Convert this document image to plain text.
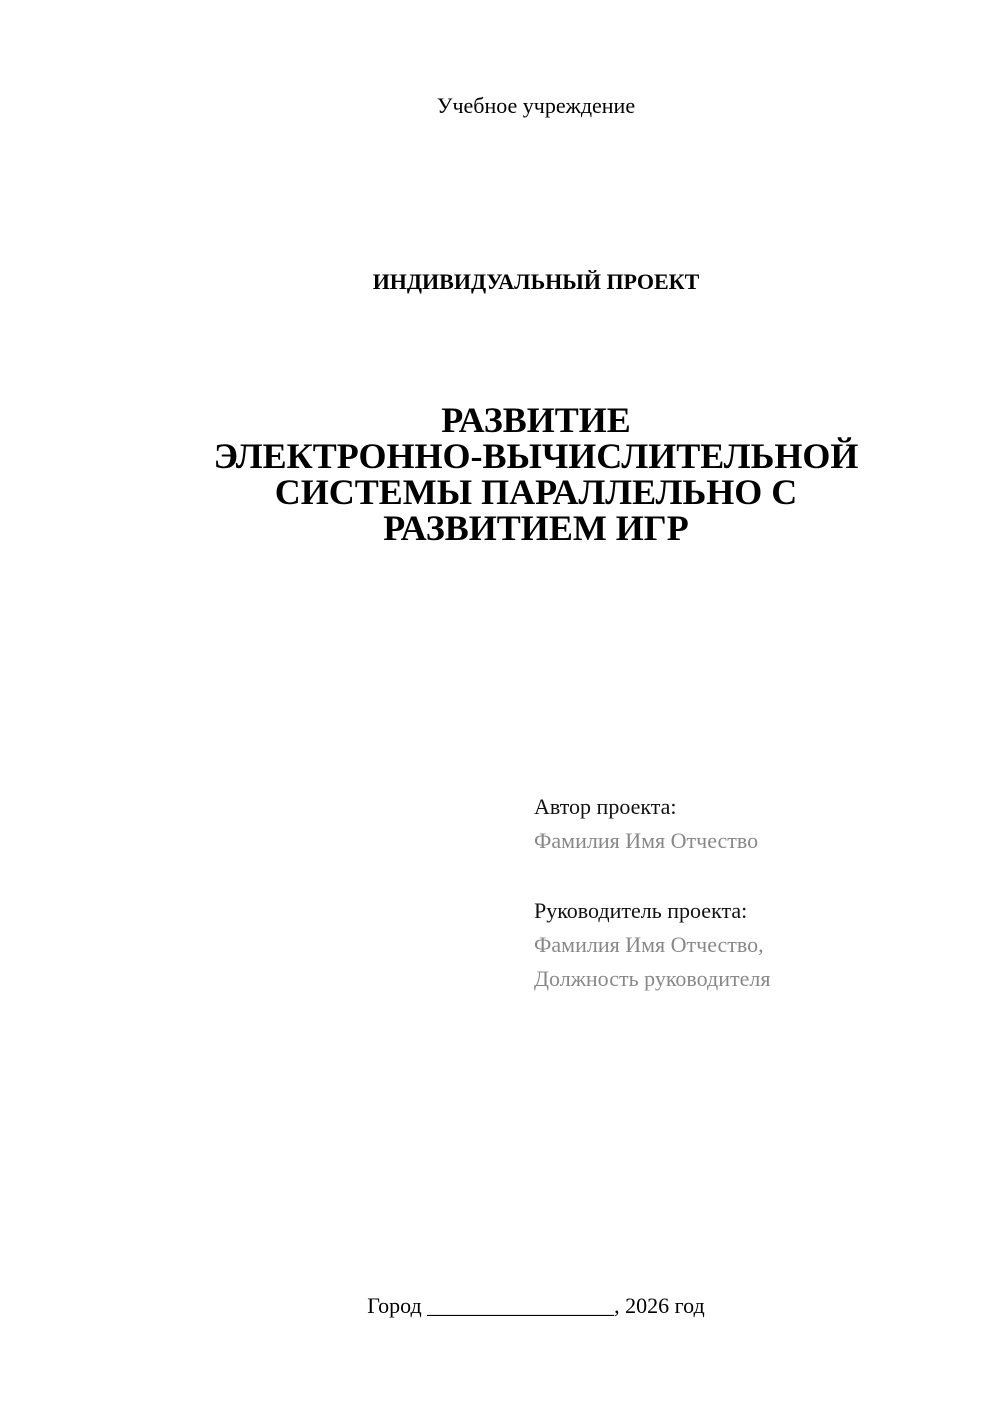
Учебное учреждение
ИНДИВИДУАЛЬНЫЙ ПРОЕКТ
РАЗВИТИЕ
ЭЛЕКТРОННО-ВЫЧИСЛИТЕЛЬНОЙ
СИСТЕМЫ ПАРАЛЛЕЛЬНО С
РАЗВИТИЕМ ИГР
Автор проекта:
Фамилия Имя Отчество
Руководитель проекта:
Фамилия Имя Отчество,
Должность руководителя
Город _________________, 2026 год
